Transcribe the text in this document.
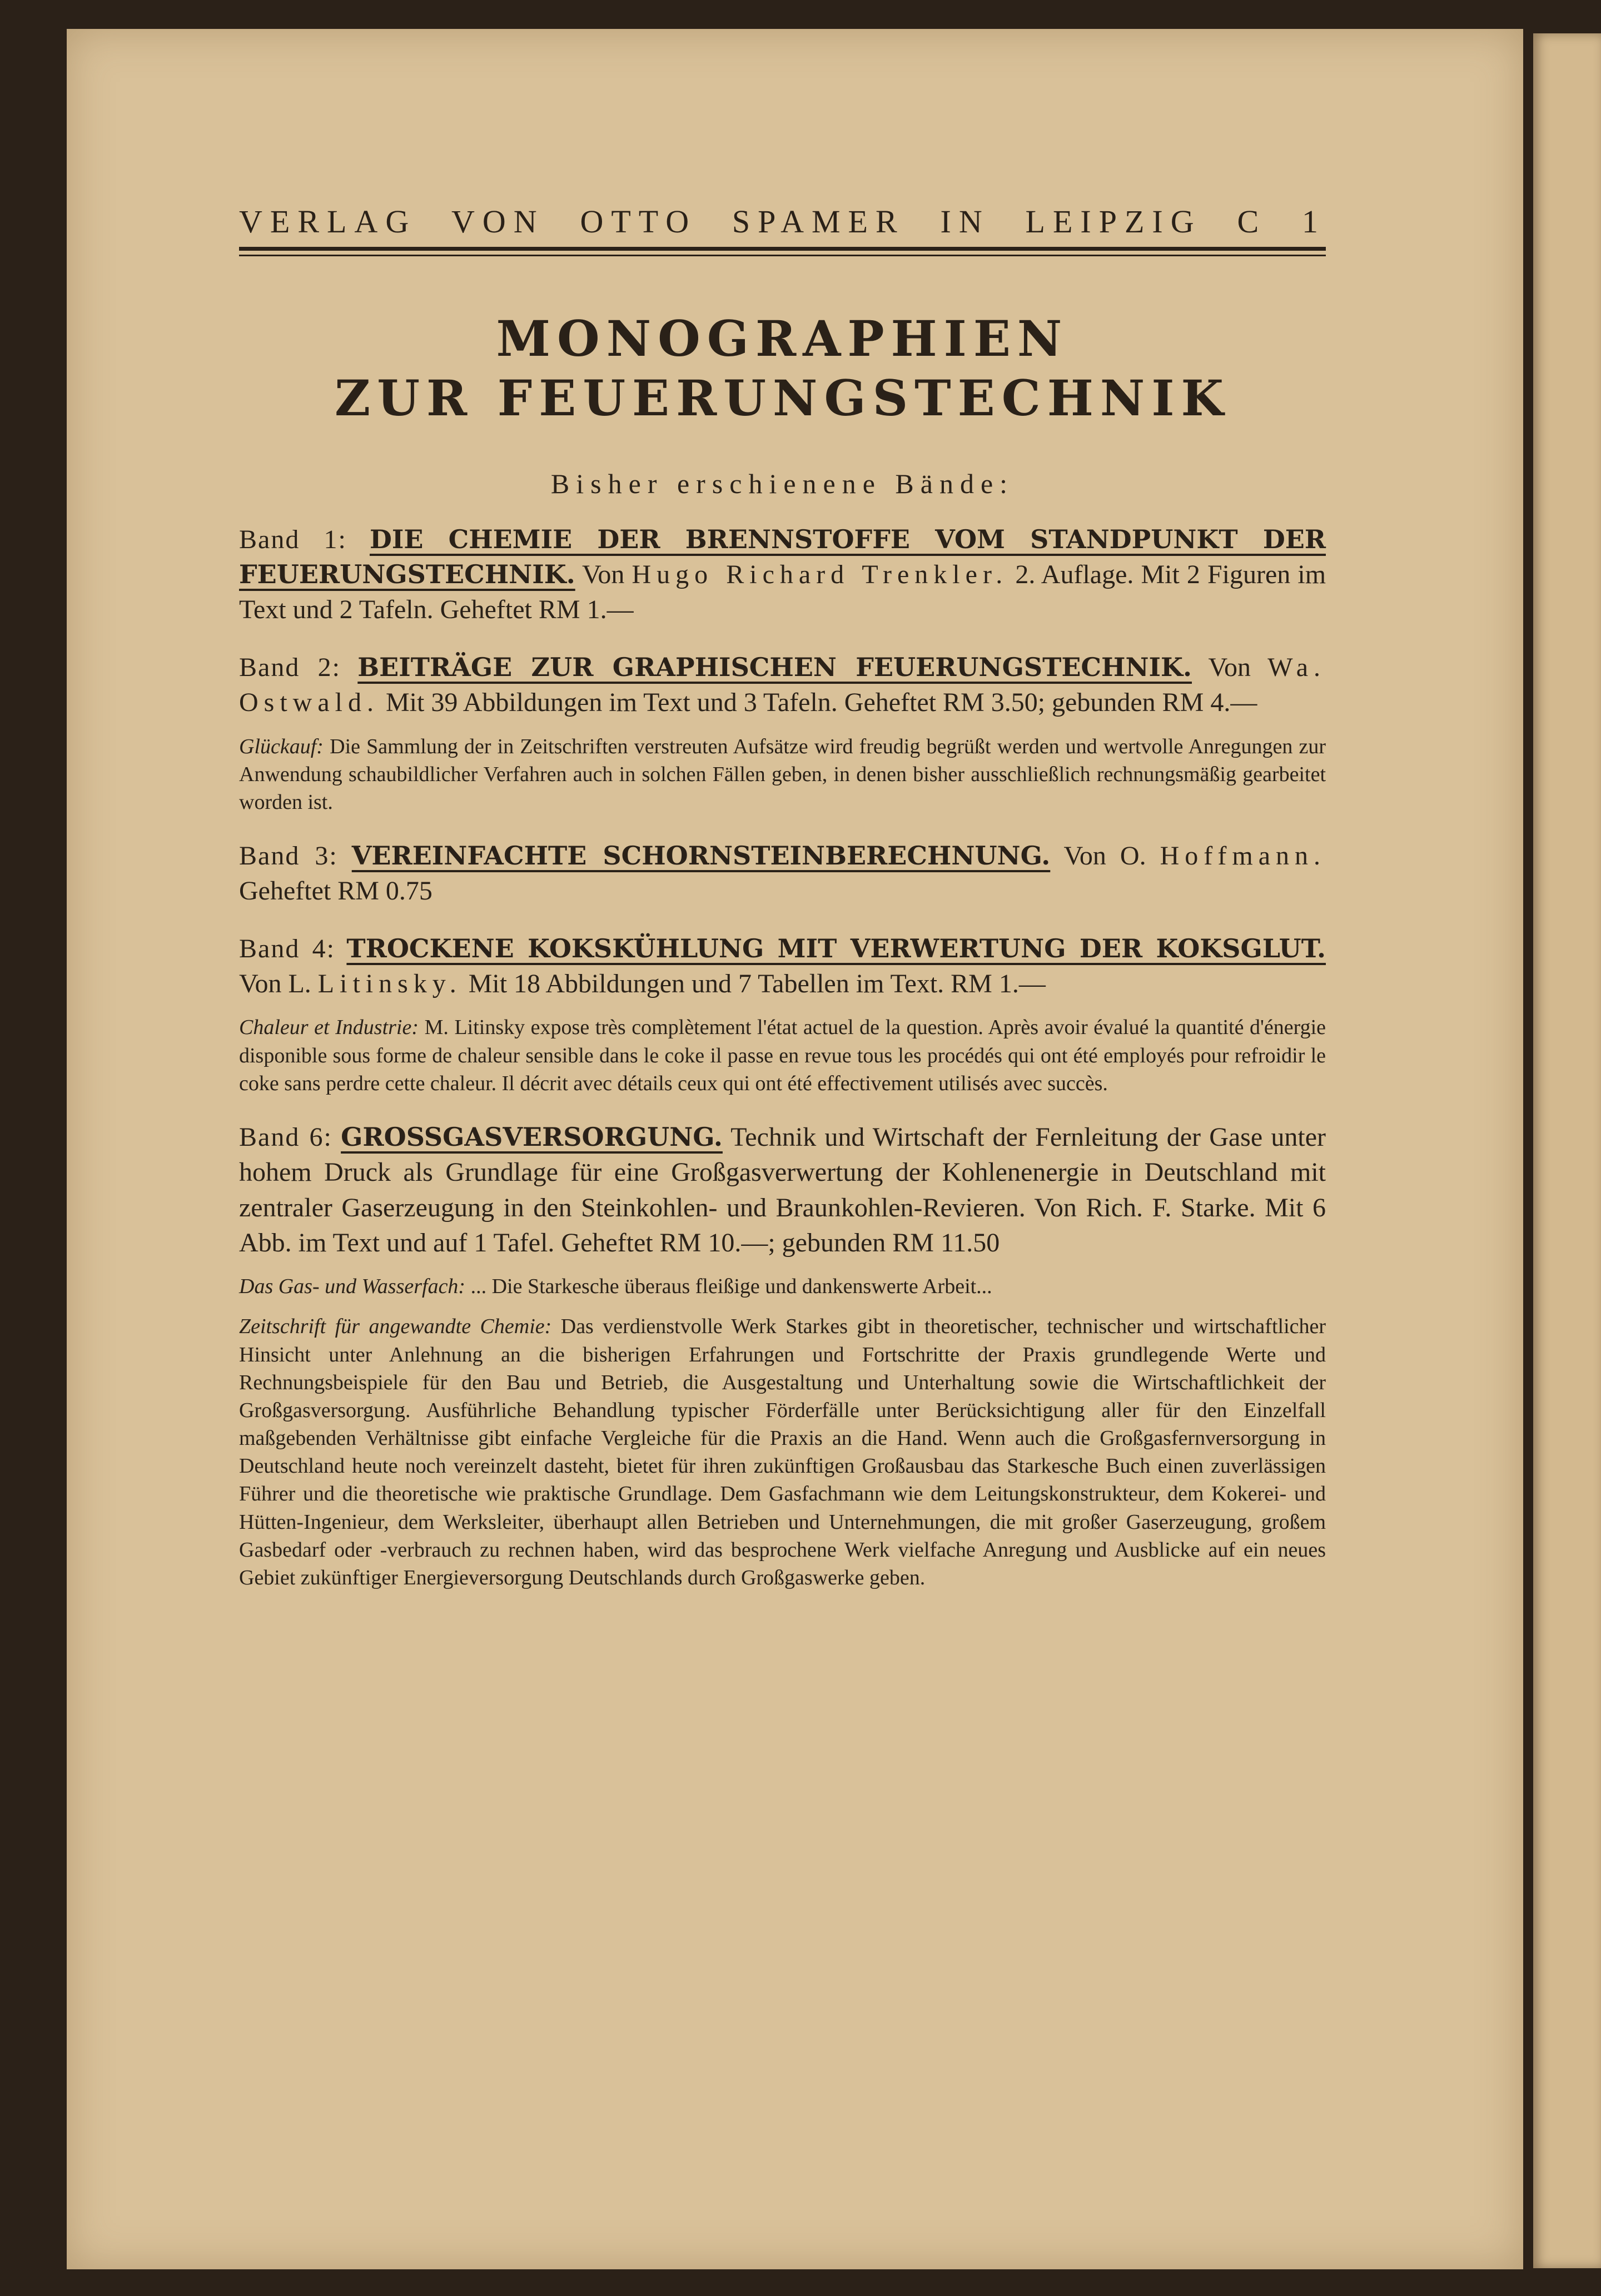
VERLAG VON OTTO SPAMER IN LEIPZIG C 1
MONOGRAPHIEN
ZUR FEUERUNGSTECHNIK
Bisher erschienene Bände:
Band 1: DIE CHEMIE DER BRENNSTOFFE VOM STANDPUNKT DER FEUERUNGSTECHNIK. Von Hugo Richard Trenkler. 2. Auflage. Mit 2 Figuren im Text und 2 Tafeln. Geheftet RM 1.—
Band 2: BEITRÄGE ZUR GRAPHISCHEN FEUERUNGSTECHNIK. Von Wa. Ostwald. Mit 39 Abbildungen im Text und 3 Tafeln. Geheftet RM 3.50; gebunden RM 4.—
Glückauf: Die Sammlung der in Zeitschriften verstreuten Aufsätze wird freudig begrüßt werden und wertvolle Anregungen zur Anwendung schaubildlicher Verfahren auch in solchen Fällen geben, in denen bisher ausschließlich rechnungsmäßig gearbeitet worden ist.
Band 3: VEREINFACHTE SCHORNSTEINBERECHNUNG. Von O. Hoffmann. Geheftet RM 0.75
Band 4: TROCKENE KOKSKÜHLUNG MIT VERWERTUNG DER KOKSGLUT. Von L. Litinsky. Mit 18 Abbildungen und 7 Tabellen im Text. RM 1.—
Chaleur et Industrie: M. Litinsky expose très complètement l'état actuel de la question. Après avoir évalué la quantité d'énergie disponible sous forme de chaleur sensible dans le coke il passe en revue tous les procédés qui ont été employés pour refroidir le coke sans perdre cette chaleur. Il décrit avec détails ceux qui ont été effectivement utilisés avec succès.
Band 6: GROSSGASVERSORGUNG. Technik und Wirtschaft der Fernleitung der Gase unter hohem Druck als Grundlage für eine Großgasverwertung der Kohlenenergie in Deutschland mit zentraler Gaserzeugung in den Steinkohlen- und Braunkohlen-Revieren. Von Rich. F. Starke. Mit 6 Abb. im Text und auf 1 Tafel. Geheftet RM 10.—; gebunden RM 11.50
Das Gas- und Wasserfach: ... Die Starkesche überaus fleißige und dankenswerte Arbeit...
Zeitschrift für angewandte Chemie: Das verdienstvolle Werk Starkes gibt in theoretischer, technischer und wirtschaftlicher Hinsicht unter Anlehnung an die bisherigen Erfahrungen und Fortschritte der Praxis grundlegende Werte und Rechnungsbeispiele für den Bau und Betrieb, die Ausgestaltung und Unterhaltung sowie die Wirtschaftlichkeit der Großgasversorgung. Ausführliche Behandlung typischer Förderfälle unter Berücksichtigung aller für den Einzelfall maßgebenden Verhältnisse gibt einfache Vergleiche für die Praxis an die Hand. Wenn auch die Großgasfernversorgung in Deutschland heute noch vereinzelt dasteht, bietet für ihren zukünftigen Großausbau das Starkesche Buch einen zuverlässigen Führer und die theoretische wie praktische Grundlage. Dem Gasfachmann wie dem Leitungskonstrukteur, dem Kokerei- und Hütten-Ingenieur, dem Werksleiter, überhaupt allen Betrieben und Unternehmungen, die mit großer Gaserzeugung, großem Gasbedarf oder -verbrauch zu rechnen haben, wird das besprochene Werk vielfache Anregung und Ausblicke auf ein neues Gebiet zukünftiger Energieversorgung Deutschlands durch Großgaswerke geben.
